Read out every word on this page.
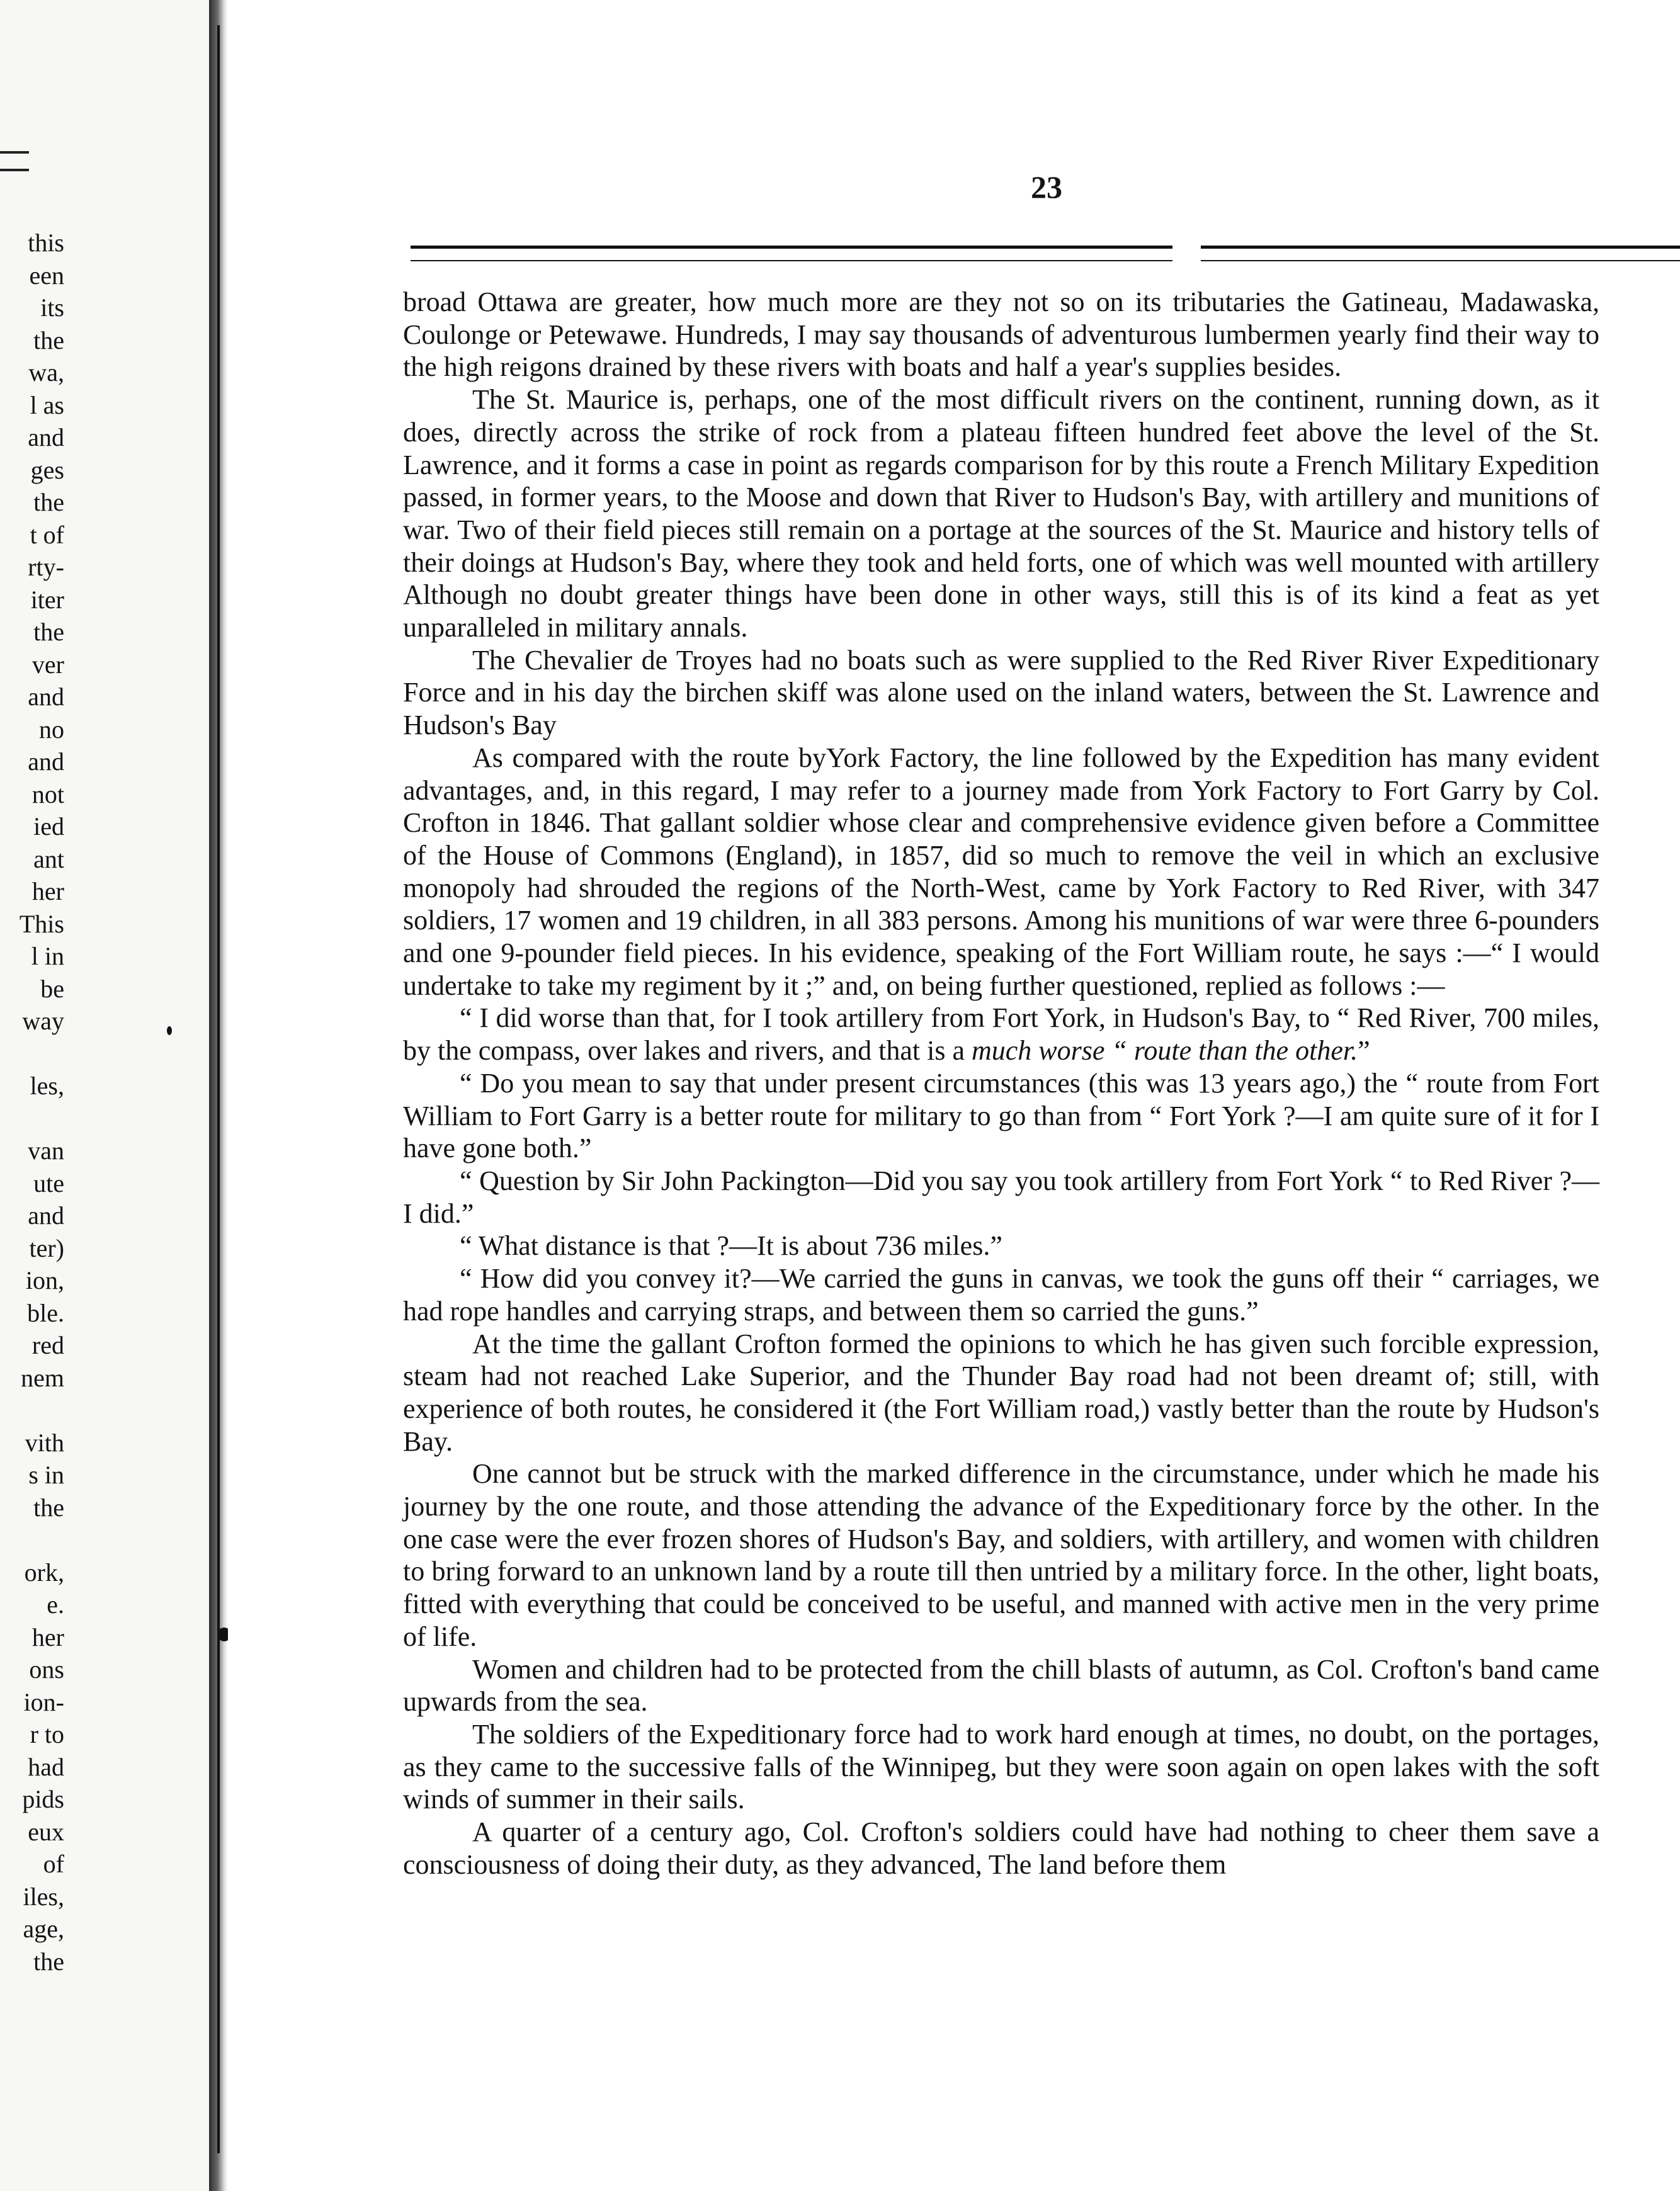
this
een
its
the
wa,
l as
and
ges
the
t of
rty-
iter
the
ver
and
no
and
not
ied
ant
her
This
l in
be
way
les,
van
ute
and
ter)
ion,
ble.
red
nem
vith
s in
the
ork,
e.
her
ons
ion-
r to
had
pids
eux
of
iles,
age,
the
23

broad Ottawa are greater, how much more are they not so on its tributaries the Gatineau, Madawaska, Coulonge or Petewawe. Hundreds, I may say thousands of adventurous lumbermen yearly find their way to the high reigons drained by these rivers with boats and half a year's supplies besides.

The St. Maurice is, perhaps, one of the most difficult rivers on the continent, running down, as it does, directly across the strike of rock from a plateau fifteen hundred feet above the level of the St. Lawrence, and it forms a case in point as regards comparison for by this route a French Military Expedition passed, in former years, to the Moose and down that River to Hudson's Bay, with artillery and munitions of war. Two of their field pieces still remain on a portage at the sources of the St. Maurice and history tells of their doings at Hudson's Bay, where they took and held forts, one of which was well mounted with artillery Although no doubt greater things have been done in other ways, still this is of its kind a feat as yet unparalleled in military annals.

The Chevalier de Troyes had no boats such as were supplied to the Red River River Expeditionary Force and in his day the birchen skiff was alone used on the inland waters, between the St. Lawrence and Hudson's Bay

As compared with the route byYork Factory, the line followed by the Expedition has many evident advantages, and, in this regard, I may refer to a journey made from York Factory to Fort Garry by Col. Crofton in 1846. That gallant soldier whose clear and comprehensive evidence given before a Committee of the House of Commons (England), in 1857, did so much to remove the veil in which an exclusive monopoly had shrouded the regions of the North-West, came by York Factory to Red River, with 347 soldiers, 17 women and 19 children, in all 383 persons. Among his munitions of war were three 6-pounders and one 9-pounder field pieces. In his evidence, speaking of the Fort William route, he says :—“ I would undertake to take my regiment by it ;” and, on being further questioned, replied as follows :—

“ I did worse than that, for I took artillery from Fort York, in Hudson's Bay, to “ Red River, 700 miles, by the compass, over lakes and rivers, and that is a much worse “ route than the other.”

“ Do you mean to say that under present circumstances (this was 13 years ago,) the “ route from Fort William to Fort Garry is a better route for military to go than from “ Fort York ?—I am quite sure of it for I have gone both.”

“ Question by Sir John Packington—Did you say you took artillery from Fort York “ to Red River ?—I did.”

“ What distance is that ?—It is about 736 miles.”

“ How did you convey it?—We carried the guns in canvas, we took the guns off their “ carriages, we had rope handles and carrying straps, and between them so carried the guns.”

At the time the gallant Crofton formed the opinions to which he has given such forcible expression, steam had not reached Lake Superior, and the Thunder Bay road had not been dreamt of; still, with experience of both routes, he considered it (the Fort William road,) vastly better than the route by Hudson's Bay.

One cannot but be struck with the marked difference in the circumstance, under which he made his journey by the one route, and those attending the advance of the Expeditionary force by the other. In the one case were the ever frozen shores of Hudson's Bay, and soldiers, with artillery, and women with children to bring forward to an unknown land by a route till then untried by a military force. In the other, light boats, fitted with everything that could be conceived to be useful, and manned with active men in the very prime of life.

Women and children had to be protected from the chill blasts of autumn, as Col. Crofton's band came upwards from the sea.

The soldiers of the Expeditionary force had to work hard enough at times, no doubt, on the portages, as they came to the successive falls of the Winnipeg, but they were soon again on open lakes with the soft winds of summer in their sails.

A quarter of a century ago, Col. Crofton's soldiers could have had nothing to cheer them save a consciousness of doing their duty, as they advanced, The land before them
